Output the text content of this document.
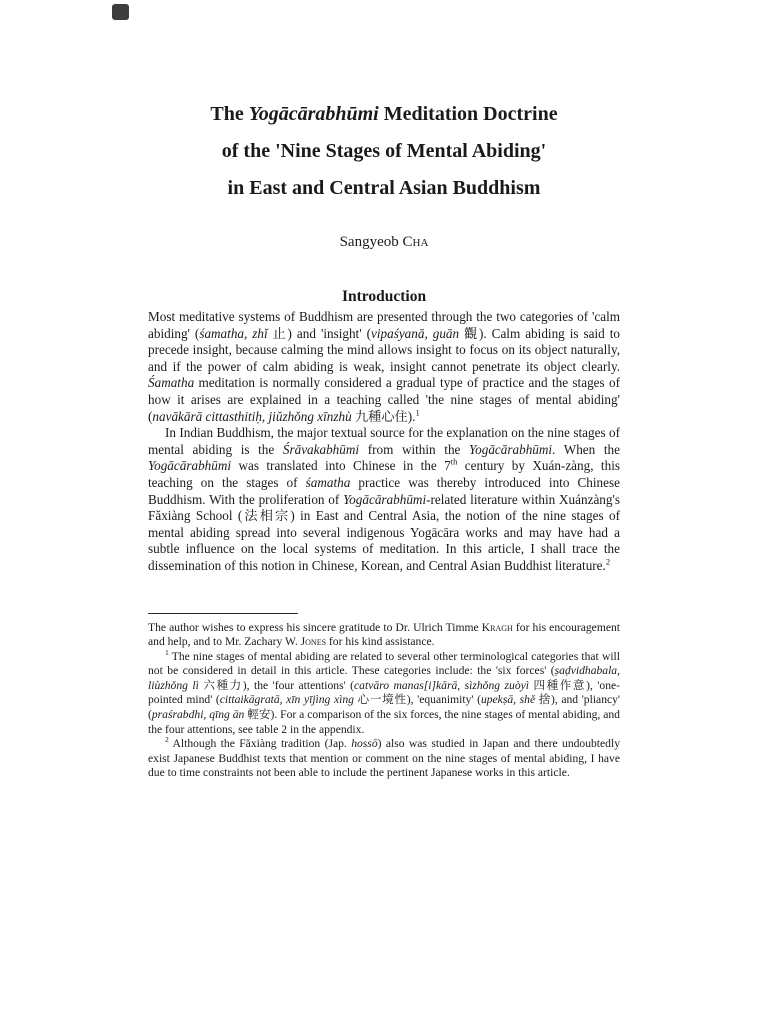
The Yogācārabhūmi Meditation Doctrine
of the 'Nine Stages of Mental Abiding'
in East and Central Asian Buddhism
Sangyeob Cha
Introduction

Most meditative systems of Buddhism are presented through the two categories of 'calm abiding' (śamatha, zhǐ 止) and 'insight' (vipaśyanā, guān 觀). Calm abiding is said to precede insight, because calming the mind allows insight to focus on its object naturally, and if the power of calm abiding is weak, insight cannot penetrate its object clearly. Śamatha meditation is normally considered a gradual type of practice and the stages of how it arises are explained in a teaching called 'the nine stages of mental abiding' (navākārā cittasthitiḥ, jiǔzhǒng xīnzhù 九種心住).$^1$

In Indian Buddhism, the major textual source for the explanation on the nine stages of mental abiding is the Śrāvakabhūmi from within the Yogācārabhūmi. When the Yogācārabhūmi was translated into Chinese in the 7th century by Xuán-zàng, this teaching on the stages of śamatha practice was thereby introduced into Chinese Buddhism. With the proliferation of Yogācārabhūmi-related literature within Xuánzàng's Fǎxiàng School (法相宗) in East and Central Asia, the notion of the nine stages of mental abiding spread into several indigenous Yogācāra works and may have had a subtle influence on the local systems of meditation. In this article, I shall trace the dissemination of this notion in Chinese, Korean, and Central Asian Buddhist literature.$^2$

The author wishes to express his sincere gratitude to Dr. Ulrich Timme Kragh for his encouragement and help, and to Mr. Zachary W. Jones for his kind assistance.

$^1$ The nine stages of mental abiding are related to several other terminological categories that will not be considered in detail in this article. These categories include: the 'six forces' (ṣaḍvidhabala, liùzhǒng lì 六種力), the 'four attentions' (catvāro manas[i]kārā, sìzhǒng zuòyì 四種作意), 'one-pointed mind' (cittaikāgratā, xīn yījìng xìng 心一境性), 'equanimity' (upekṣā, shě 捨), and 'pliancy' (praśrabdhi, qīng ān 輕安). For a comparison of the six forces, the nine stages of mental abiding, and the four attentions, see table 2 in the appendix.

$^2$ Although the Fǎxiàng tradition (Jap. hossō) also was studied in Japan and there undoubtedly exist Japanese Buddhist texts that mention or comment on the nine stages of mental abiding, I have due to time constraints not been able to include the pertinent Japanese works in this article.
